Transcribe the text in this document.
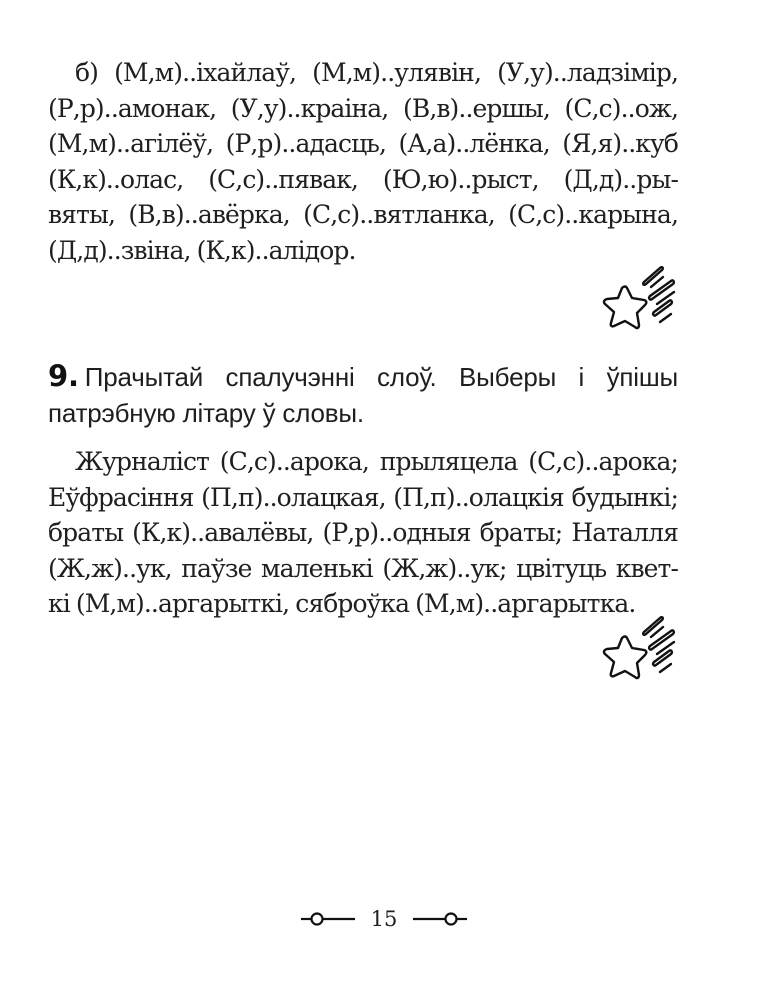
б) (М,м)..іхайлаў, (М,м)..улявін, (У,у)..ладзімір,
(Р,р)..амонак, (У,у)..краіна, (В,в)..ершы, (С,с)..ож,
(М,м)..агілёў, (Р,р)..адасць, (А,а)..лёнка, (Я,я)..куб
(К,к)..олас, (С,с)..пявак, (Ю,ю)..рыст, (Д,д)..ры-
вяты, (В,в)..авёрка, (С,с)..вятланка, (С,с)..карына,
(Д,д)..звіна, (К,к)..алідор.
9. Прачытай спалучэнні слоў. Выберы і ўпішы
патрэбную літару ў словы.
Журналіст (С,с)..арока, прыляцела (С,с)..арока;
Еўфрасіння (П,п)..олацкая, (П,п)..олацкія будынкі;
браты (К,к)..авалёвы, (Р,р)..одныя браты; Наталля
(Ж,ж)..ук, паўзе маленькі (Ж,ж)..ук; цвітуць квет-
кі (М,м)..аргарыткі, сяброўка (М,м)..аргарытка.
15
